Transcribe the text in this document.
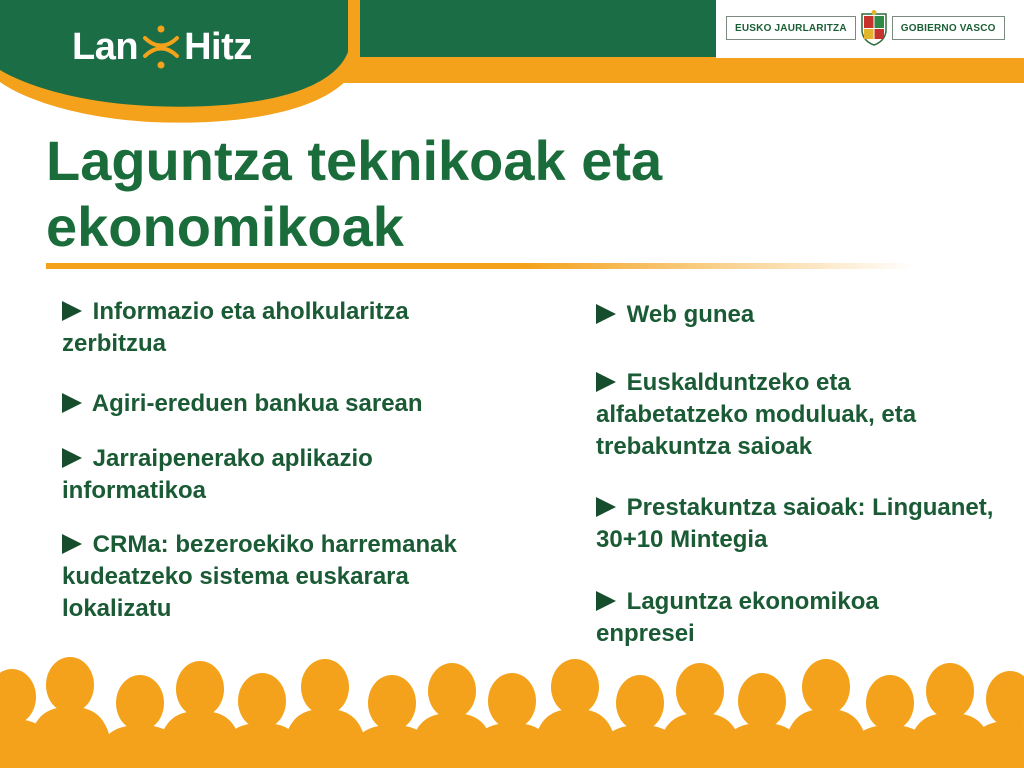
Lan Hitz	EUSKO JAURLARITZA	GOBIERNO VASCO
Laguntza teknikoak eta ekonomikoak
Informazio eta aholkularitza zerbitzua
Agiri-ereduen bankua sarean
Jarraipenerako aplikazio informatikoa
CRMa: bezeroekiko harremanak kudeatzeko sistema euskarara lokalizatu
Web gunea
Euskalduntzeko eta alfabetatzeko moduluak, eta trebakuntza saioak
Prestakuntza saioak: Linguanet, 30+10 Mintegia
Laguntza ekonomikoa enpresei
